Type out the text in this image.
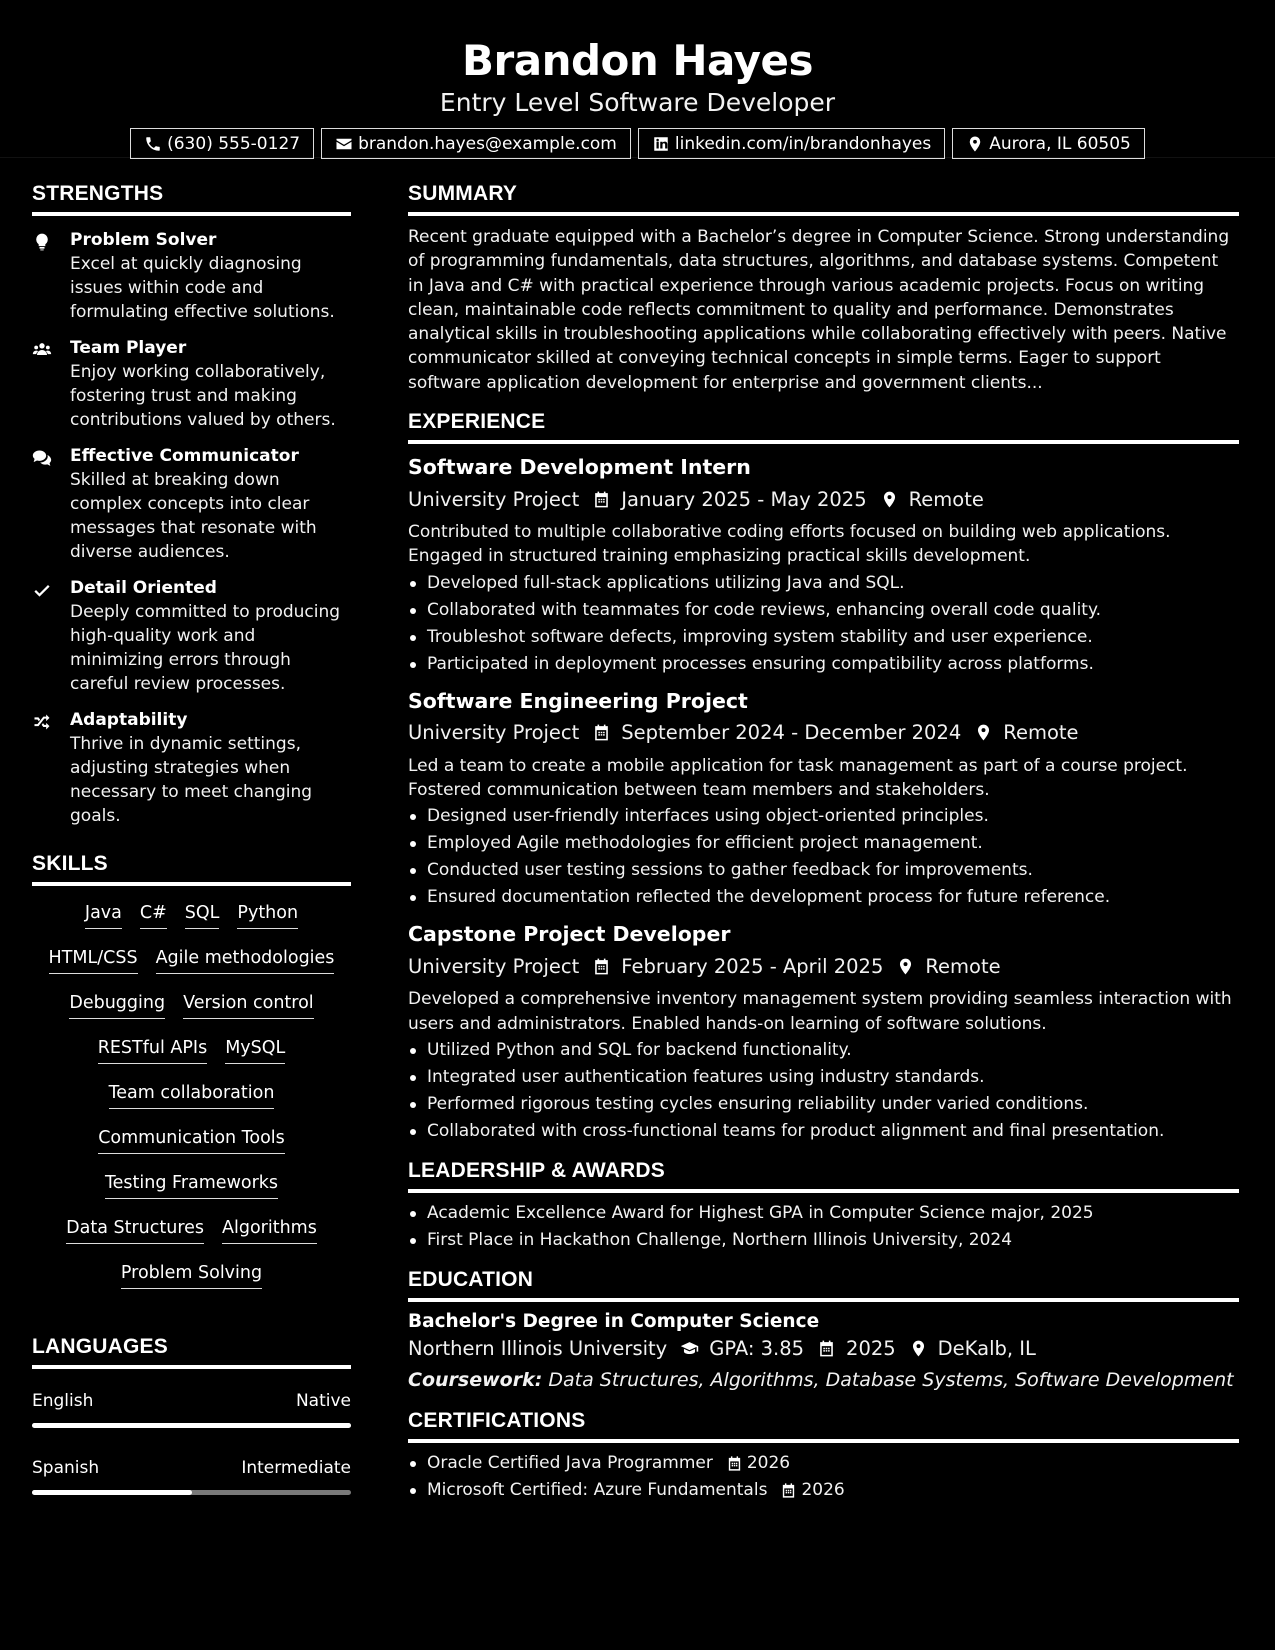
Brandon Hayes
Entry Level Software Developer
(630) 555-0127	brandon.hayes@example.com	linkedin.com/in/brandonhayes	Aurora, IL 60505
STRENGTHS
Problem Solver
Excel at quickly diagnosing issues within code and formulating effective solutions.
Team Player
Enjoy working collaboratively, fostering trust and making contributions valued by others.
Effective Communicator
Skilled at breaking down complex concepts into clear messages that resonate with diverse audiences.
Detail Oriented
Deeply committed to producing high-quality work and minimizing errors through careful review processes.
Adaptability
Thrive in dynamic settings, adjusting strategies when necessary to meet changing goals.
SKILLS
Java C# SQL Python
HTML/CSS Agile methodologies
Debugging Version control
RESTful APIs MySQL
Team collaboration
Communication Tools
Testing Frameworks
Data Structures Algorithms
Problem Solving
LANGUAGES
English	Native
Spanish	Intermediate
SUMMARY
Recent graduate equipped with a Bachelor’s degree in Computer Science. Strong understanding of programming fundamentals, data structures, algorithms, and database systems. Competent in Java and C# with practical experience through various academic projects. Focus on writing clean, maintainable code reflects commitment to quality and performance. Demonstrates analytical skills in troubleshooting applications while collaborating effectively with peers. Native communicator skilled at conveying technical concepts in simple terms. Eager to support software application development for enterprise and government clients...
EXPERIENCE
Software Development Intern
University Project January 2025 - May 2025 Remote
Contributed to multiple collaborative coding efforts focused on building web applications. Engaged in structured training emphasizing practical skills development.
Developed full-stack applications utilizing Java and SQL.
Collaborated with teammates for code reviews, enhancing overall code quality.
Troubleshot software defects, improving system stability and user experience.
Participated in deployment processes ensuring compatibility across platforms.
Software Engineering Project
University Project September 2024 - December 2024 Remote
Led a team to create a mobile application for task management as part of a course project. Fostered communication between team members and stakeholders.
Designed user-friendly interfaces using object-oriented principles.
Employed Agile methodologies for efficient project management.
Conducted user testing sessions to gather feedback for improvements.
Ensured documentation reflected the development process for future reference.
Capstone Project Developer
University Project February 2025 - April 2025 Remote
Developed a comprehensive inventory management system providing seamless interaction with users and administrators. Enabled hands-on learning of software solutions.
Utilized Python and SQL for backend functionality.
Integrated user authentication features using industry standards.
Performed rigorous testing cycles ensuring reliability under varied conditions.
Collaborated with cross-functional teams for product alignment and final presentation.
LEADERSHIP & AWARDS
Academic Excellence Award for Highest GPA in Computer Science major, 2025
First Place in Hackathon Challenge, Northern Illinois University, 2024
EDUCATION
Bachelor's Degree in Computer Science
Northern Illinois University GPA: 3.85 2025 DeKalb, IL
Coursework: Data Structures, Algorithms, Database Systems, Software Development
CERTIFICATIONS
Oracle Certified Java Programmer 2026
Microsoft Certified: Azure Fundamentals 2026
